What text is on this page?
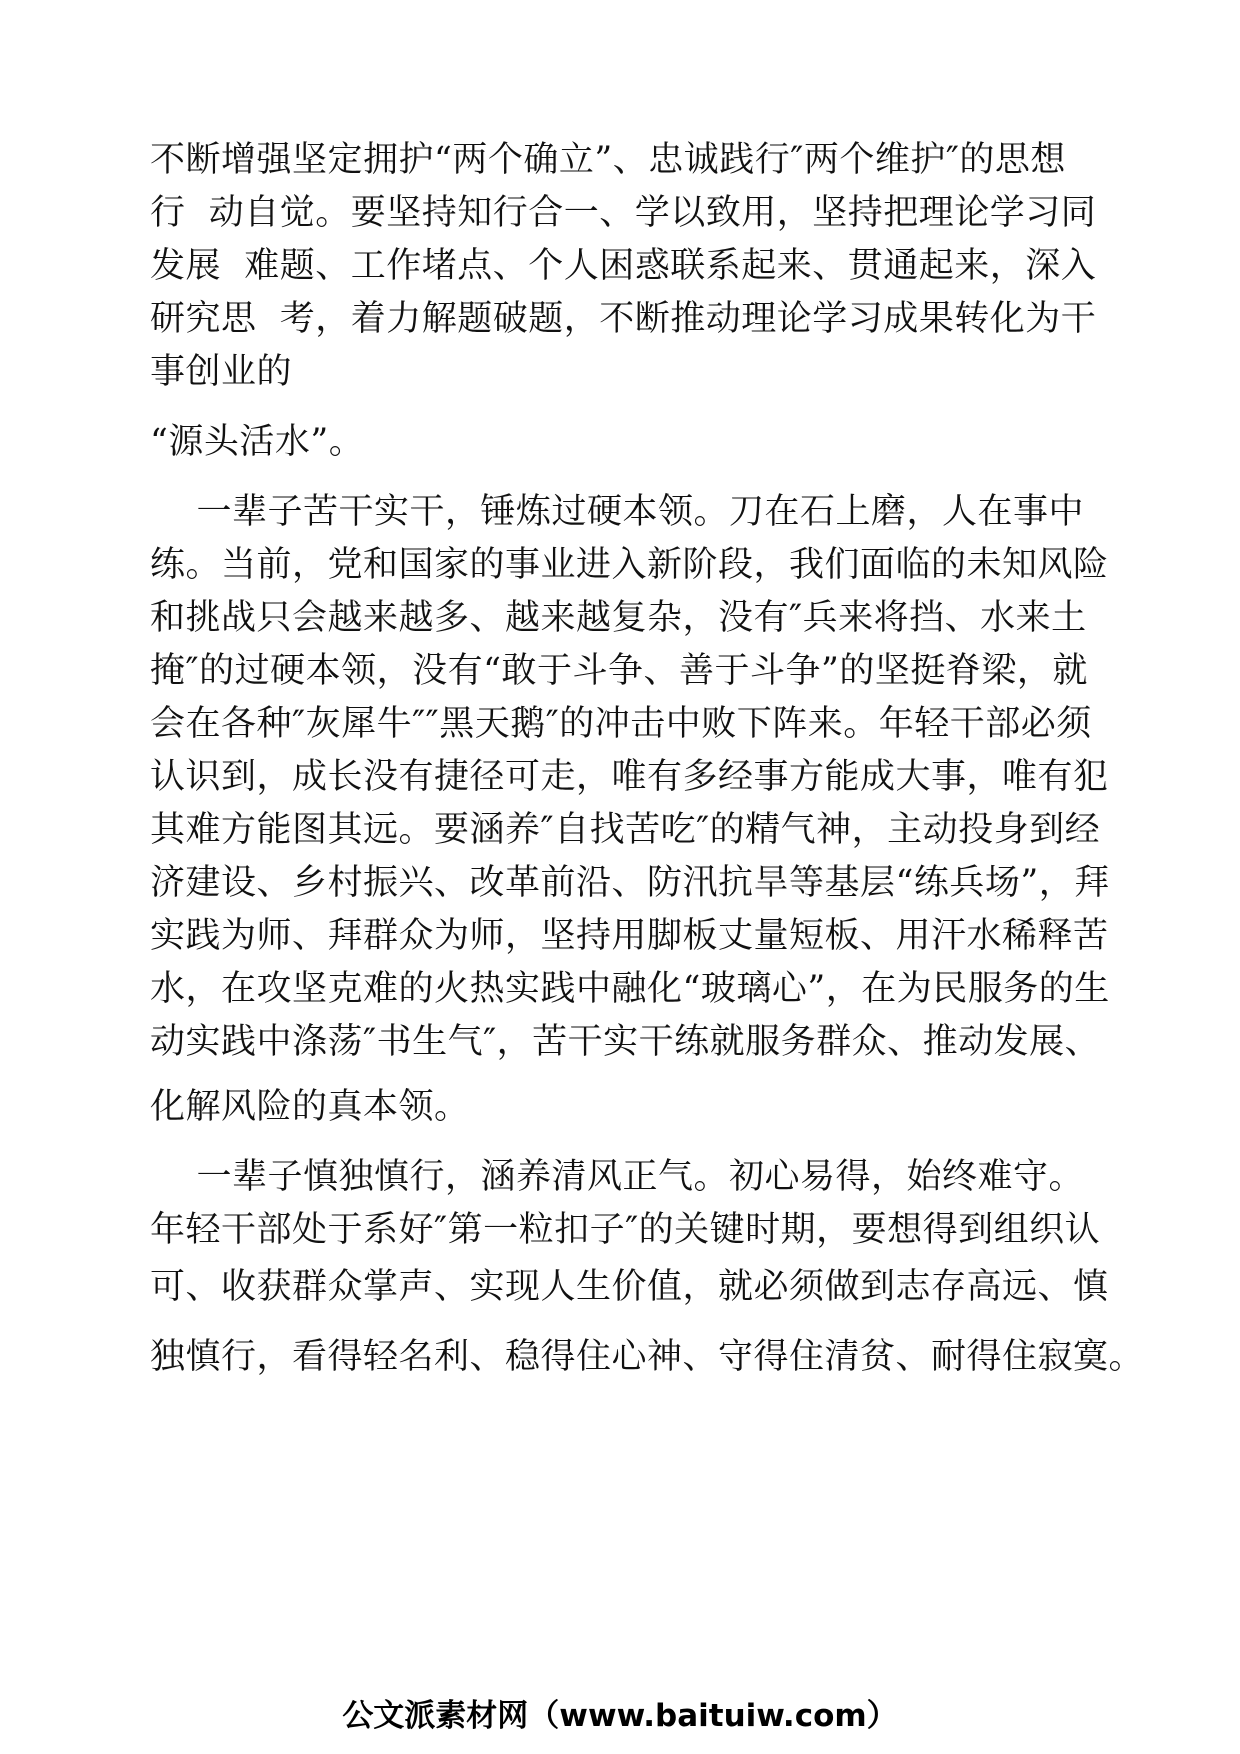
不断增强坚定拥护“两个确立”、忠诚践行″两个维护″的思想
行  动自觉。要坚持知行合一、学以致用，坚持把理论学习同
发展  难题、工作堵点、个人困惑联系起来、贯通起来，深入
研究思  考，着力解题破题，不断推动理论学习成果转化为干
事创业的
“源头活水”。
一辈子苦干实干，锤炼过硬本领。刀在石上磨，人在事中
练。当前，党和国家的事业进入新阶段，我们面临的未知风险
和挑战只会越来越多、越来越复杂，没有″兵来将挡、水来土
掩″的过硬本领，没有“敢于斗争、善于斗争”的坚挺脊梁，就
会在各种″灰犀牛″″黑天鹅″的冲击中败下阵来。年轻干部必须
认识到，成长没有捷径可走，唯有多经事方能成大事，唯有犯
其难方能图其远。要涵养″自找苦吃″的精气神，主动投身到经
济建设、乡村振兴、改革前沿、防汛抗旱等基层“练兵场”，拜
实践为师、拜群众为师，坚持用脚板丈量短板、用汗水稀释苦
水，在攻坚克难的火热实践中融化“玻璃心”，在为民服务的生
动实践中涤荡″书生气″，苦干实干练就服务群众、推动发展、
化解风险的真本领。
一辈子慎独慎行，涵养清风正气。初心易得，始终难守。
年轻干部处于系好″第一粒扣子″的关键时期，要想得到组织认
可、收获群众掌声、实现人生价值，就必须做到志存高远、慎
独慎行，看得轻名利、稳得住心神、守得住清贫、耐得住寂寞。
公文派素材网（www.baituiw.com）
